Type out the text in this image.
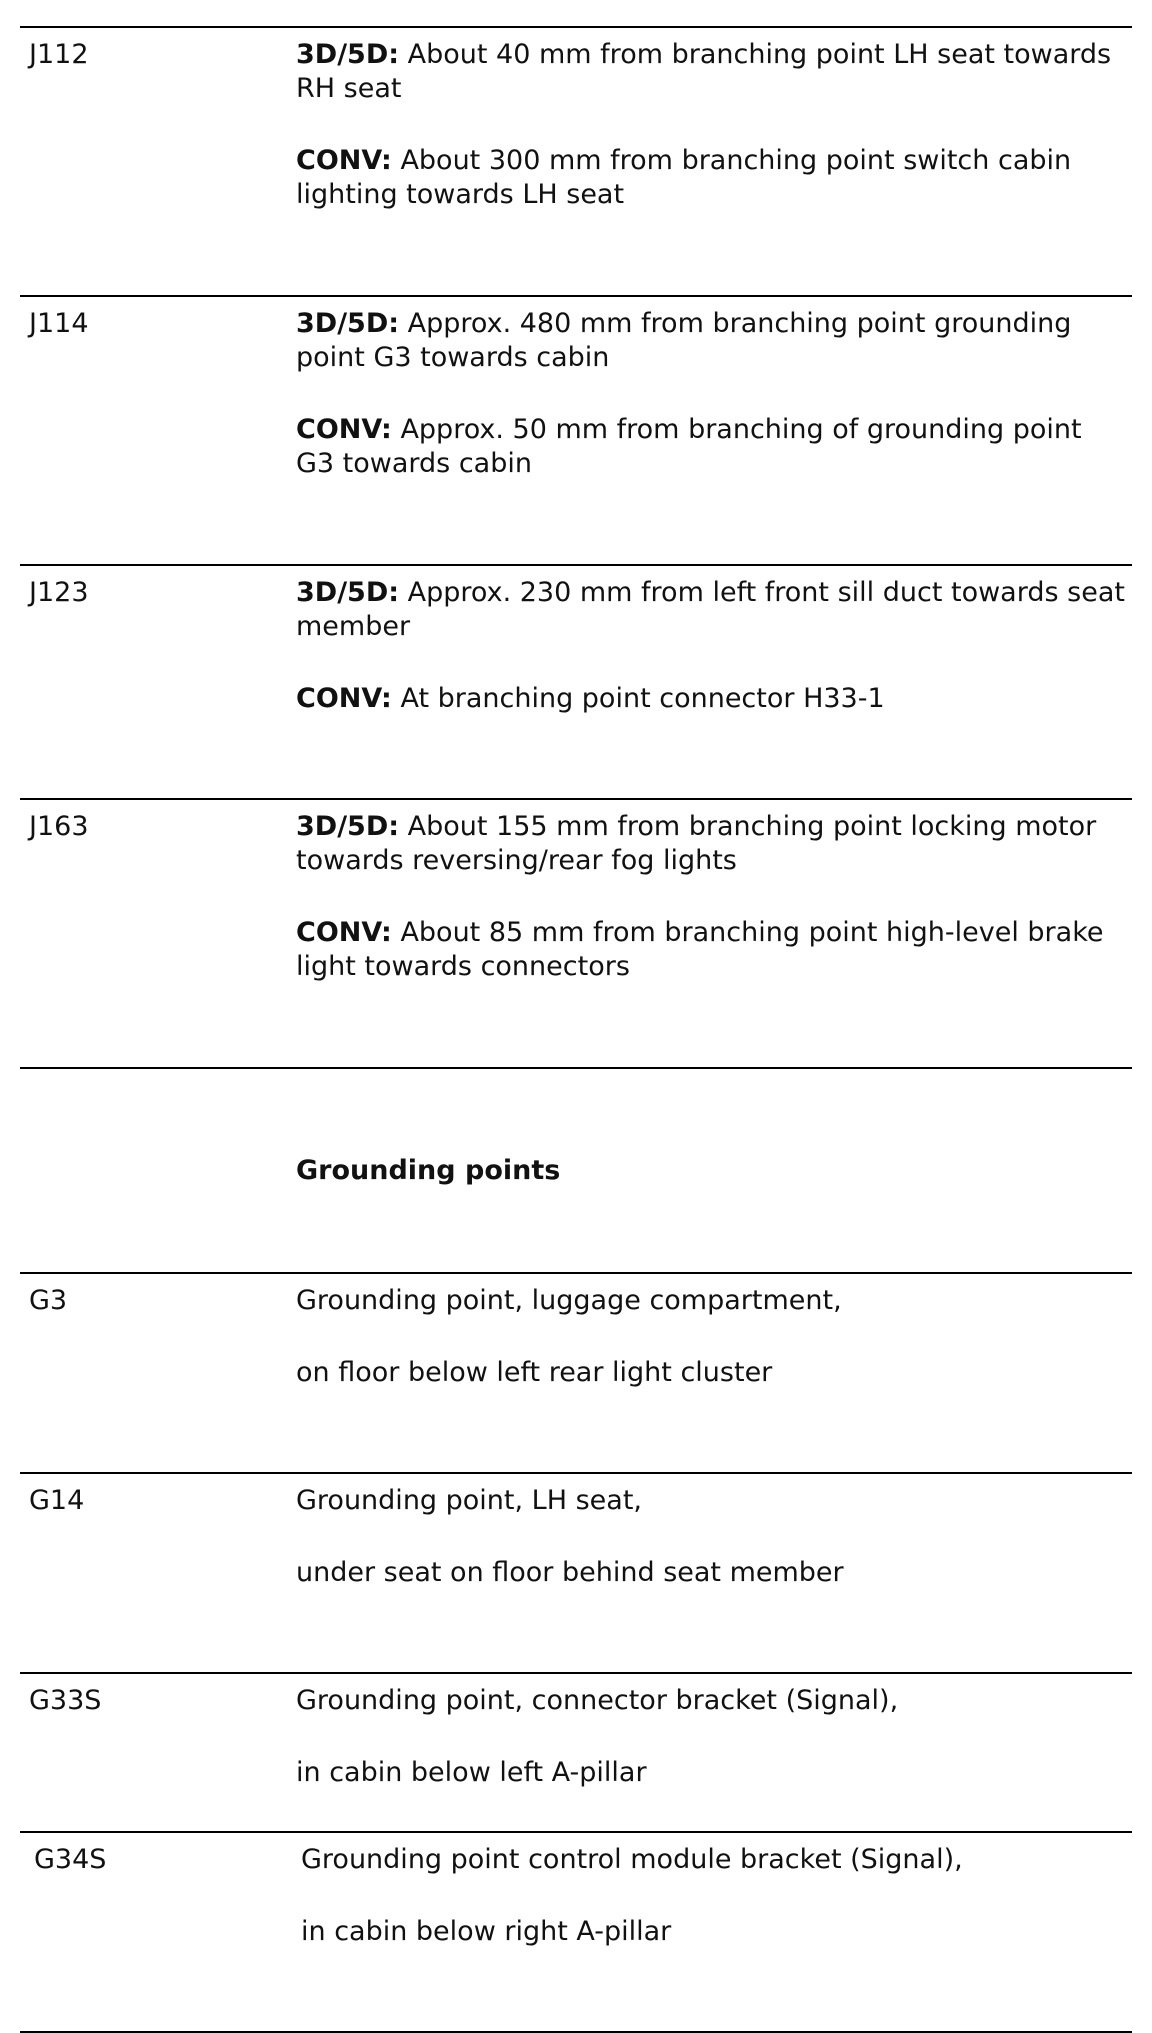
J112	3D/5D: About 40 mm from branching point LH seat towards RH seat

CONV: About 300 mm from branching point switch cabin lighting towards LH seat

J114	3D/5D: Approx. 480 mm from branching point grounding point G3 towards cabin

CONV: Approx. 50 mm from branching of grounding point G3 towards cabin

J123	3D/5D: Approx. 230 mm from left front sill duct towards seat member

CONV: At branching point connector H33-1

J163	3D/5D: About 155 mm from branching point locking motor towards reversing/rear fog lights

CONV: About 85 mm from branching point high-level brake light towards connectors

Grounding points
G3	Grounding point, luggage compartment,

on floor below left rear light cluster

G14	Grounding point, LH seat,

under seat on floor behind seat member

G33S	Grounding point, connector bracket (Signal),

in cabin below left A-pillar

G34S	Grounding point control module bracket (Signal),

in cabin below right A-pillar
